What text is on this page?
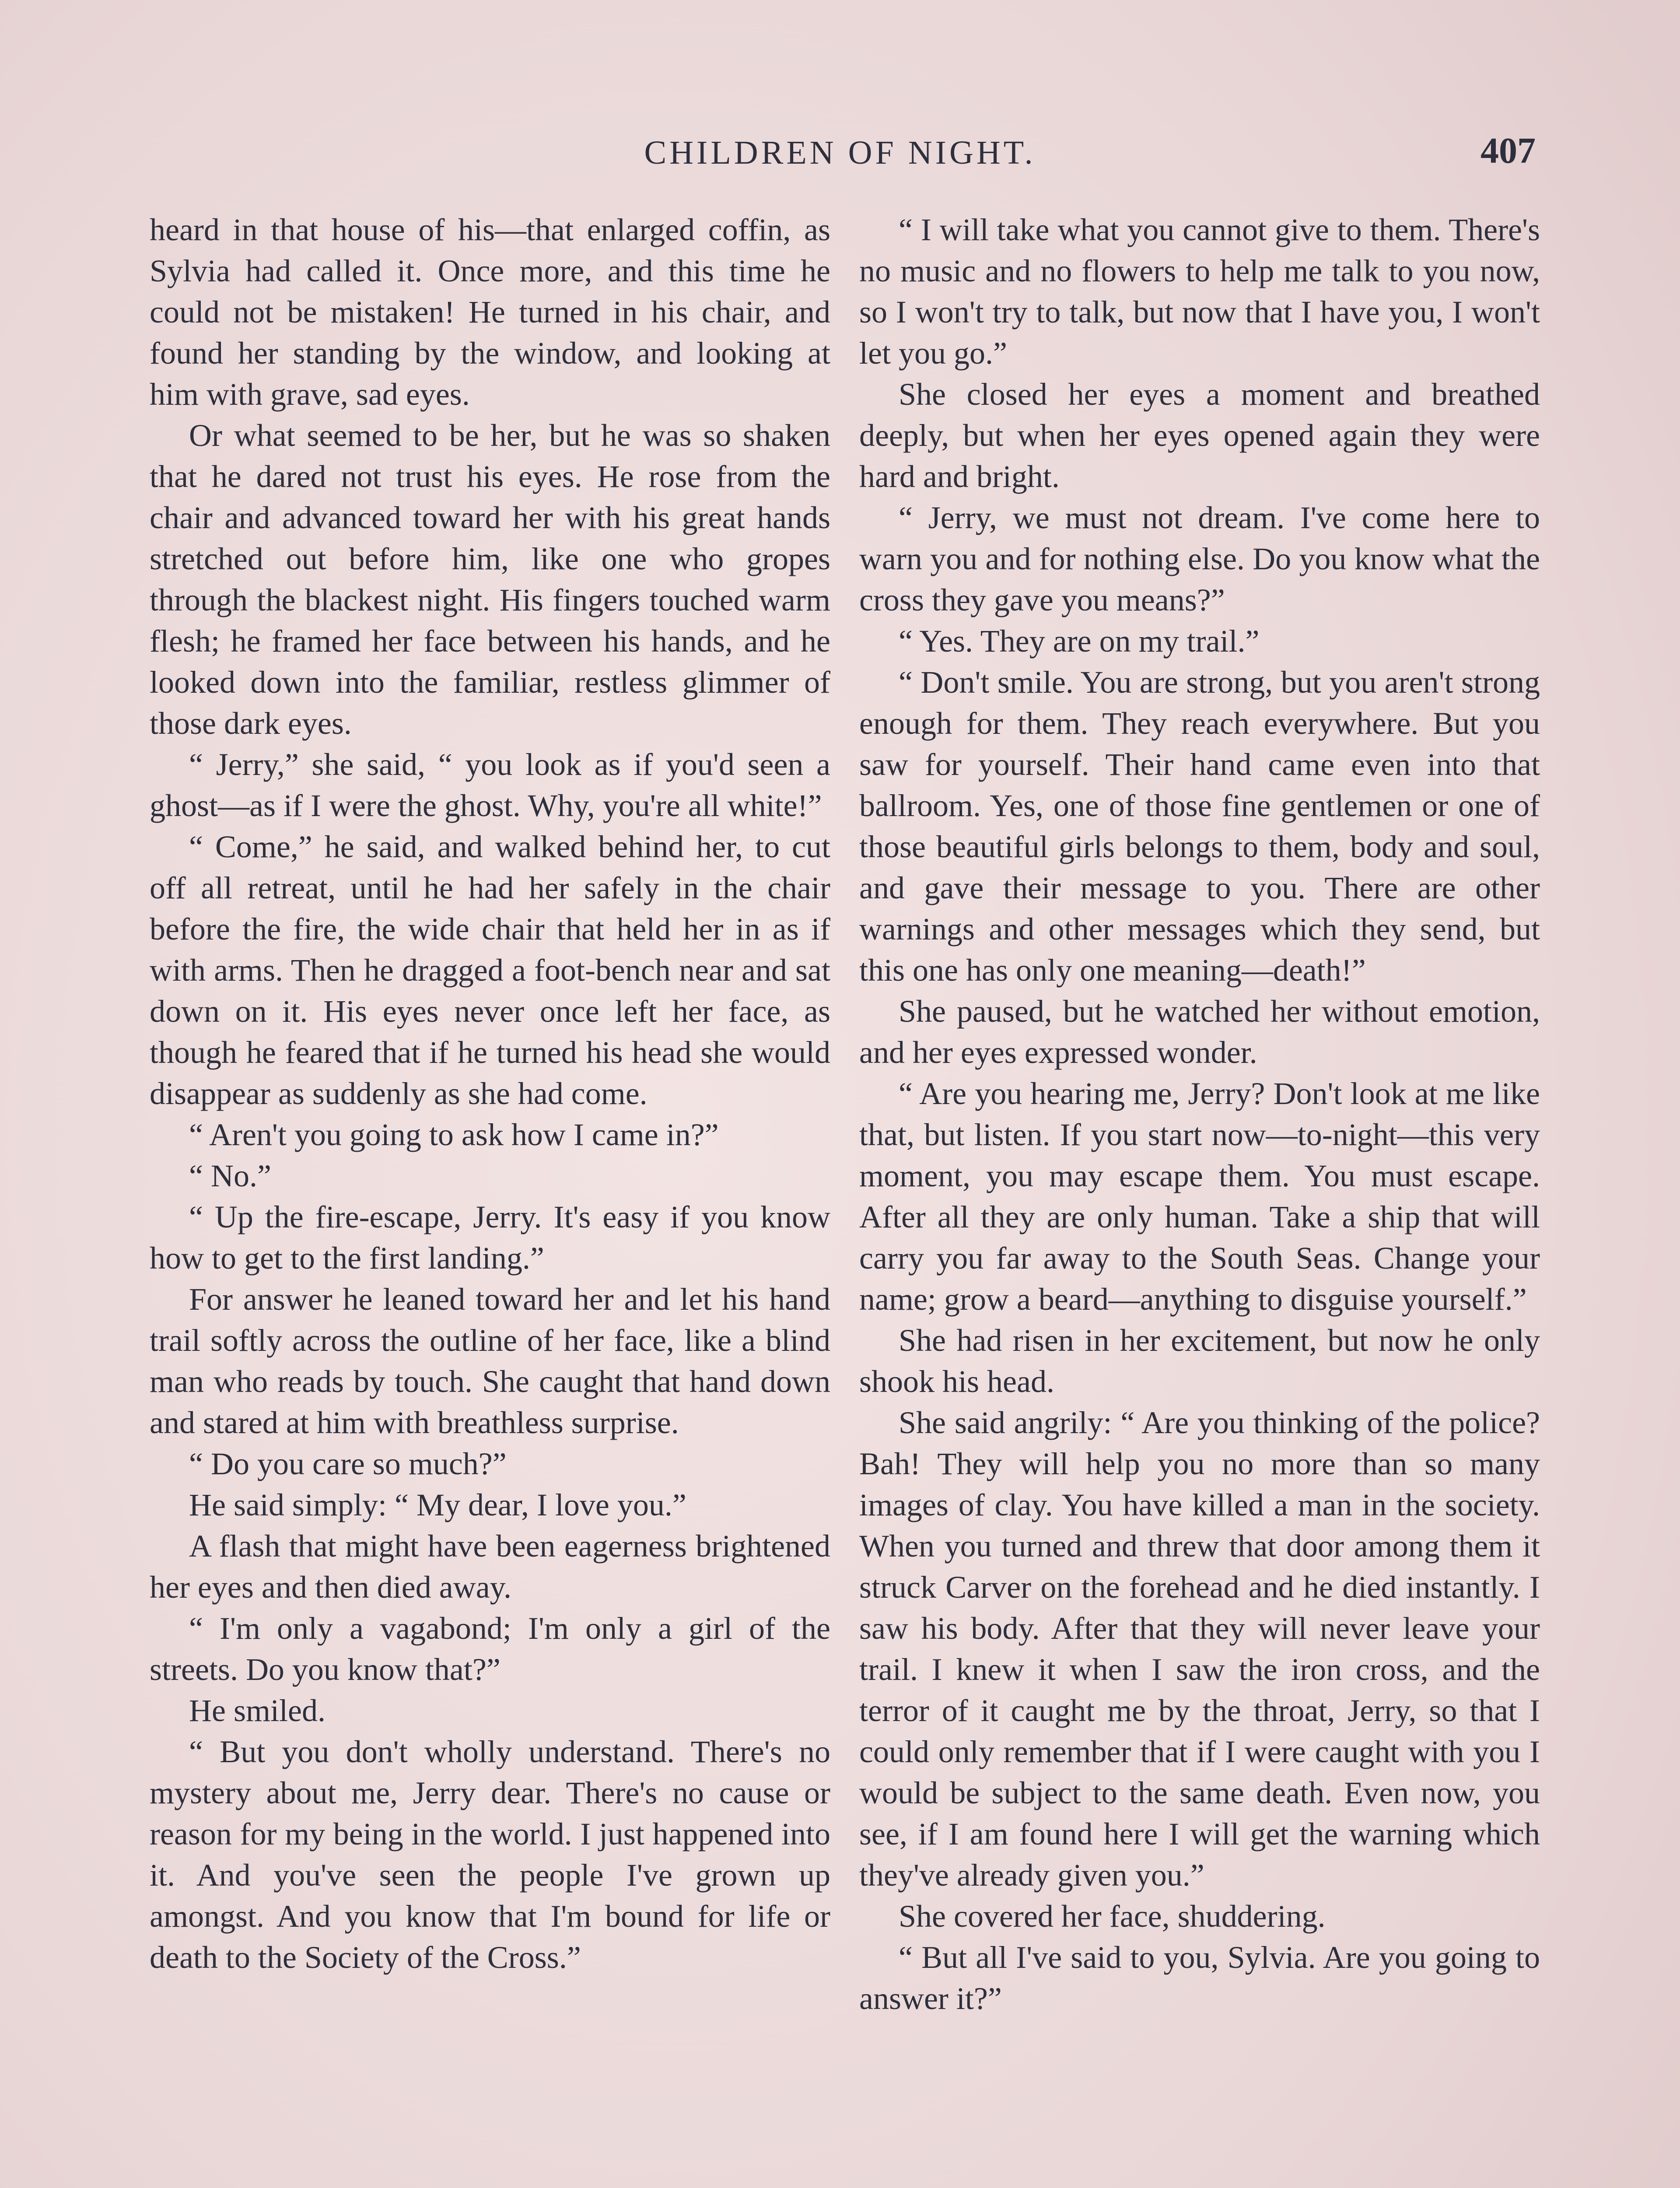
CHILDREN OF NIGHT.	407

heard in that house of his—that enlarged coffin, as Sylvia had called it. Once more, and this time he could not be mistaken! He turned in his chair, and found her standing by the window, and looking at him with grave, sad eyes.

Or what seemed to be her, but he was so shaken that he dared not trust his eyes. He rose from the chair and advanced toward her with his great hands stretched out before him, like one who gropes through the blackest night. His fingers touched warm flesh; he framed her face between his hands, and he looked down into the familiar, restless glimmer of those dark eyes.

“ Jerry,” she said, “ you look as if you'd seen a ghost—as if I were the ghost. Why, you're all white!”

“ Come,” he said, and walked behind her, to cut off all retreat, until he had her safely in the chair before the fire, the wide chair that held her in as if with arms. Then he dragged a foot-bench near and sat down on it. His eyes never once left her face, as though he feared that if he turned his head she would disappear as suddenly as she had come.

“ Aren't you going to ask how I came in?”

“ No.”

“ Up the fire-escape, Jerry. It's easy if you know how to get to the first landing.”

For answer he leaned toward her and let his hand trail softly across the outline of her face, like a blind man who reads by touch. She caught that hand down and stared at him with breathless surprise.

“ Do you care so much?”

He said simply: “ My dear, I love you.”

A flash that might have been eagerness brightened her eyes and then died away.

“ I'm only a vagabond; I'm only a girl of the streets. Do you know that?”

He smiled.

“ But you don't wholly understand. There's no mystery about me, Jerry dear. There's no cause or reason for my being in the world. I just happened into it. And you've seen the people I've grown up amongst. And you know that I'm bound for life or death to the Society of the Cross.”

“ I will take what you cannot give to them. There's no music and no flowers to help me talk to you now, so I won't try to talk, but now that I have you, I won't let you go.”

She closed her eyes a moment and breathed deeply, but when her eyes opened again they were hard and bright.

“ Jerry, we must not dream. I've come here to warn you and for nothing else. Do you know what the cross they gave you means?”

“ Yes. They are on my trail.”

“ Don't smile. You are strong, but you aren't strong enough for them. They reach everywhere. But you saw for yourself. Their hand came even into that ballroom. Yes, one of those fine gentlemen or one of those beautiful girls belongs to them, body and soul, and gave their message to you. There are other warnings and other messages which they send, but this one has only one meaning—death!”

She paused, but he watched her without emotion, and her eyes expressed wonder.

“ Are you hearing me, Jerry? Don't look at me like that, but listen. If you start now—to-night—this very moment, you may escape them. You must escape. After all they are only human. Take a ship that will carry you far away to the South Seas. Change your name; grow a beard—anything to disguise yourself.”

She had risen in her excitement, but now he only shook his head.

She said angrily: “ Are you thinking of the police? Bah! They will help you no more than so many images of clay. You have killed a man in the society. When you turned and threw that door among them it struck Carver on the forehead and he died instantly. I saw his body. After that they will never leave your trail. I knew it when I saw the iron cross, and the terror of it caught me by the throat, Jerry, so that I could only remember that if I were caught with you I would be subject to the same death. Even now, you see, if I am found here I will get the warning which they've already given you.”

She covered her face, shuddering.

“ But all I've said to you, Sylvia. Are you going to answer it?”
